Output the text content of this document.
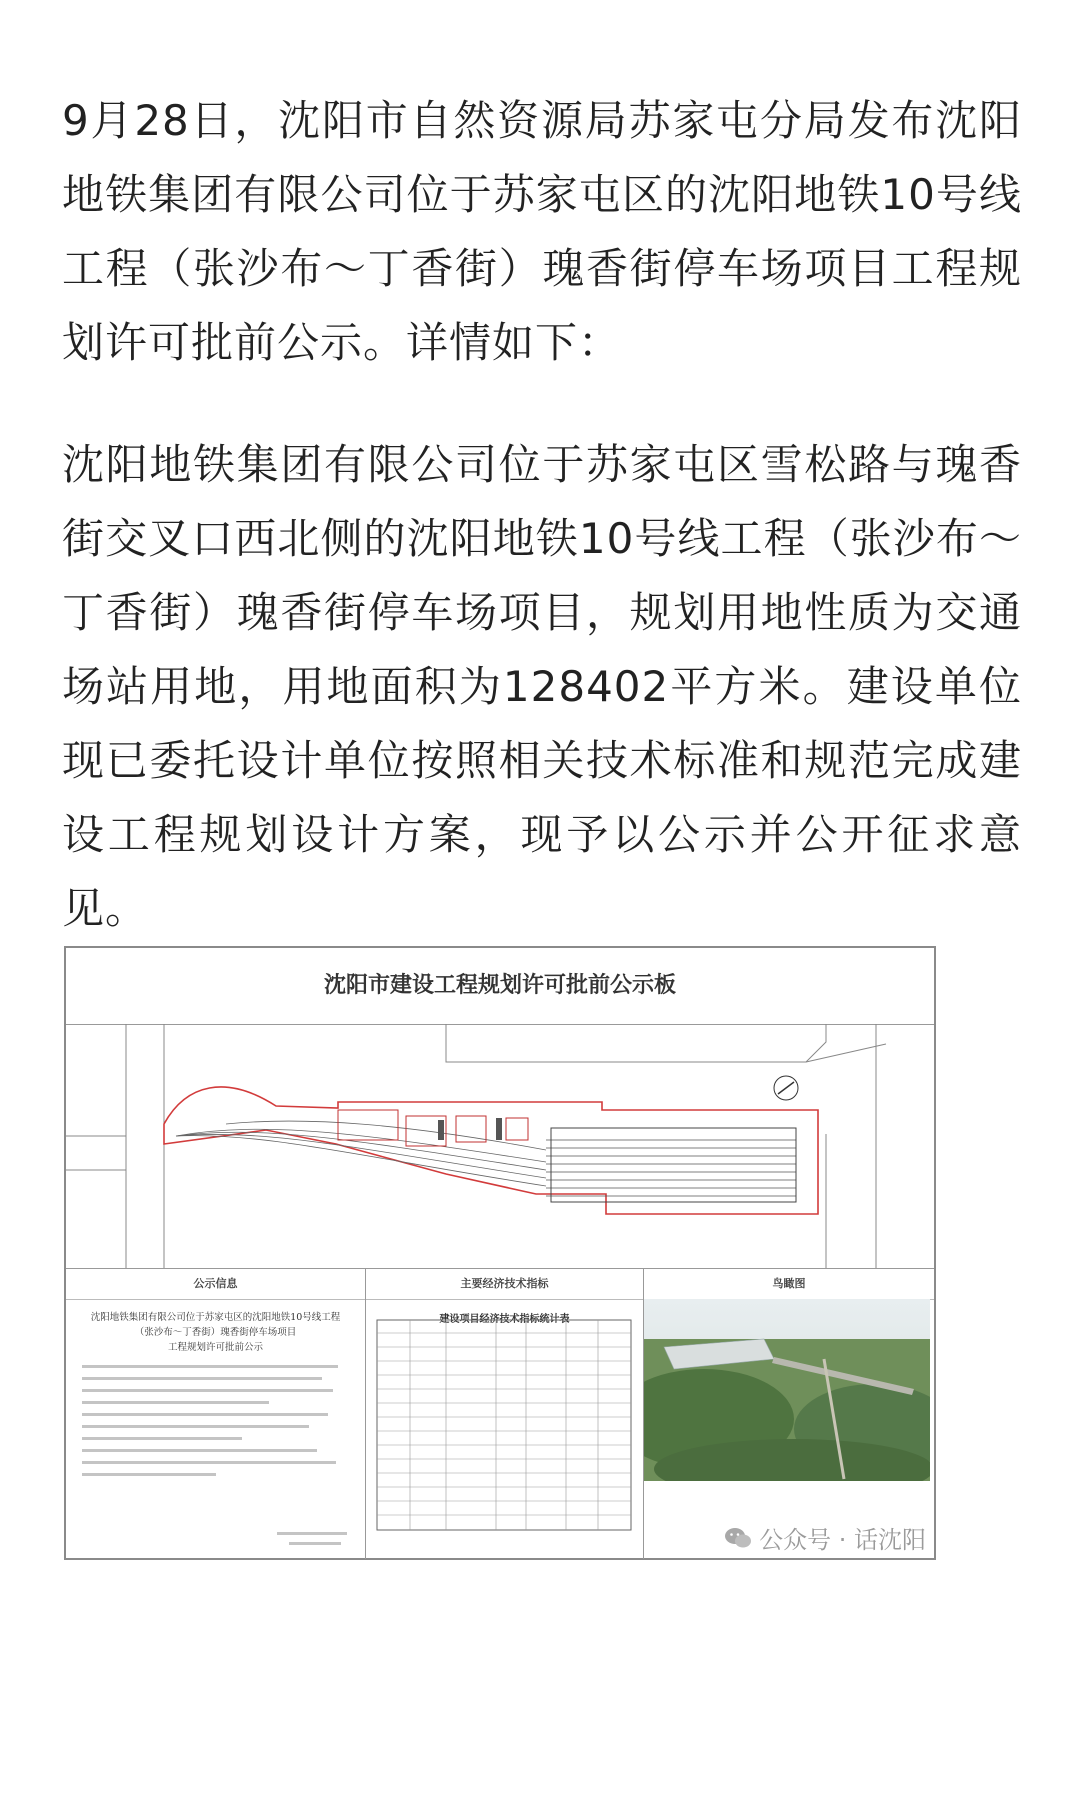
9月28日，沈阳市自然资源局苏家屯分局发布沈阳地铁集团有限公司位于苏家屯区的沈阳地铁10号线工程（张沙布～丁香街）瑰香街停车场项目工程规划许可批前公示。详情如下：

沈阳地铁集团有限公司位于苏家屯区雪松路与瑰香街交叉口西北侧的沈阳地铁10号线工程（张沙布～丁香街）瑰香街停车场项目，规划用地性质为交通场站用地，用地面积为128402平方米。建设单位现已委托设计单位按照相关技术标准和规范完成建设工程规划设计方案，现予以公示并公开征求意见。

沈阳市建设工程规划许可批前公示板
公示信息
沈阳地铁集团有限公司位于苏家屯区的沈阳地铁10号线工程
（张沙布～丁香街）瑰香街停车场项目
工程规划许可批前公示
主要经济技术指标
建设项目经济技术指标统计表
鸟瞰图
公众号 · 话沈阳
